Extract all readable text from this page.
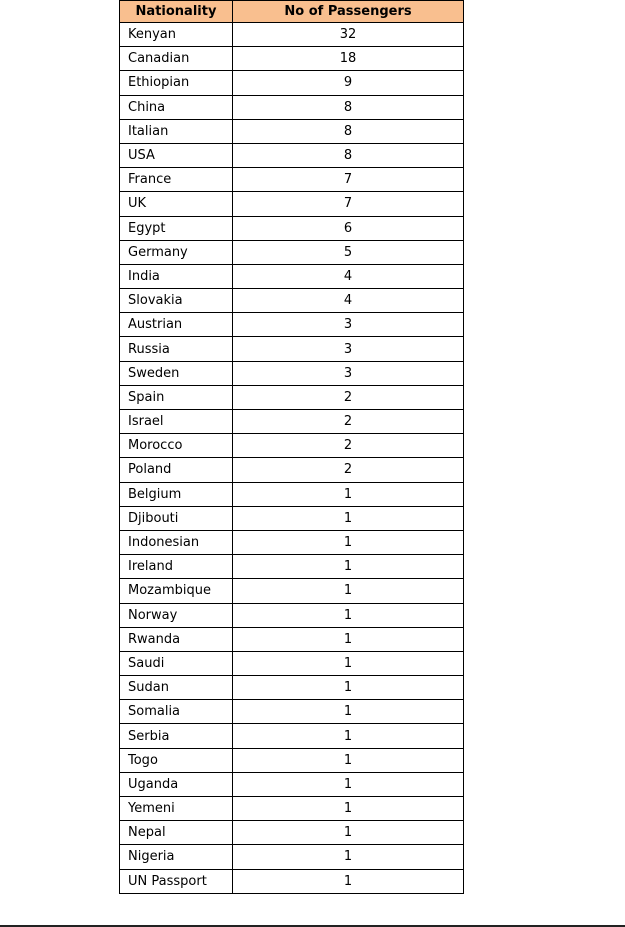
Nationality	No of Passengers
Kenyan	32
Canadian	18
Ethiopian	9
China	8
Italian	8
USA	8
France	7
UK	7
Egypt	6
Germany	5
India	4
Slovakia	4
Austrian	3
Russia	3
Sweden	3
Spain	2
Israel	2
Morocco	2
Poland	2
Belgium	1
Djibouti	1
Indonesian	1
Ireland	1
Mozambique	1
Norway	1
Rwanda	1
Saudi	1
Sudan	1
Somalia	1
Serbia	1
Togo	1
Uganda	1
Yemeni	1
Nepal	1
Nigeria	1
UN Passport	1
